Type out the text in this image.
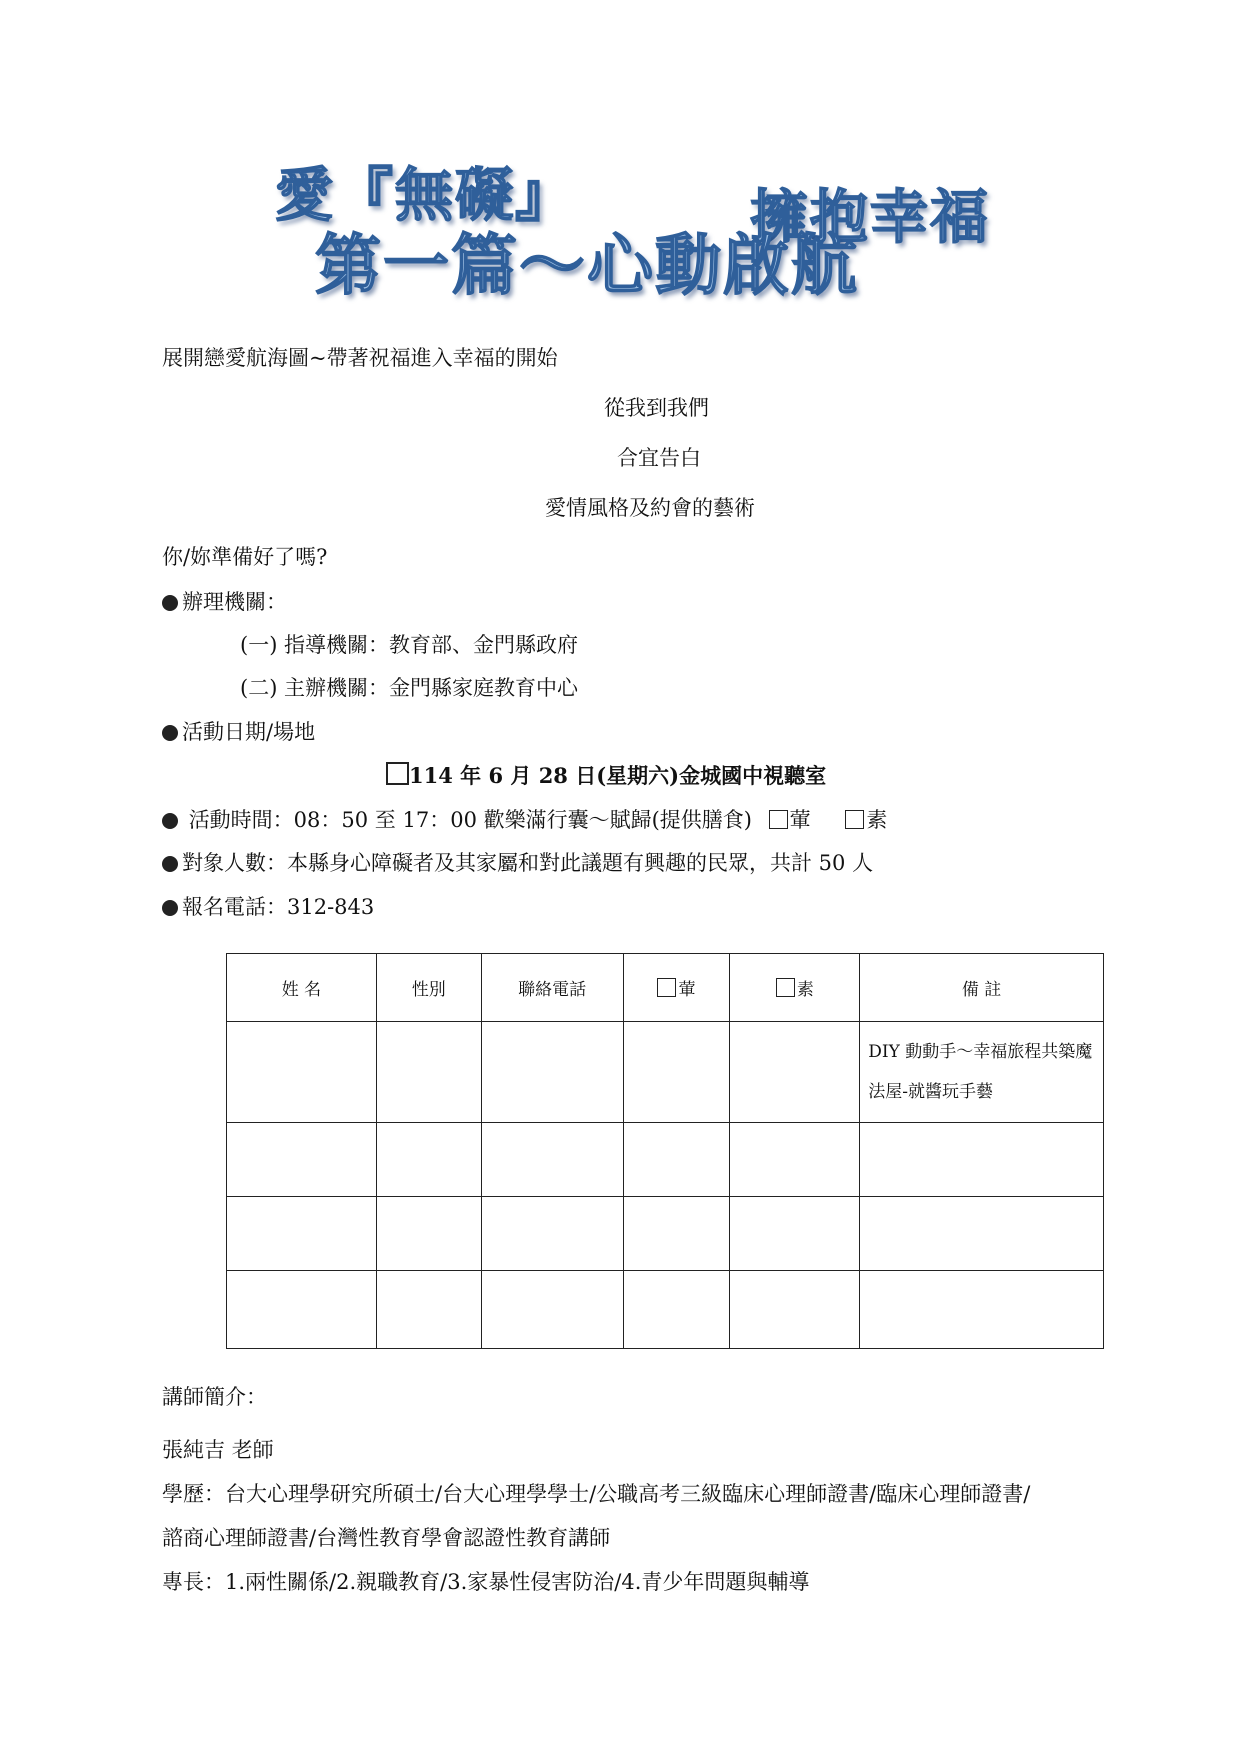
愛『無礙』	擁抱幸福
第一篇～心動啟航
展開戀愛航海圖~帶著祝福進入幸福的開始
從我到我們
合宜告白
愛情風格及約會的藝術
你/妳準備好了嗎?
辦理機關：
(一) 指導機關：教育部、金門縣政府
(二) 主辦機關：金門縣家庭教育中心
活動日期/場地
114 年 6 月 28 日(星期六)金城國中視聽室
活動時間：08：50 至 17：00 歡樂滿行囊～賦歸(提供膳食) 葷	素
對象人數：本縣身心障礙者及其家屬和對此議題有興趣的民眾，共計 50 人
報名電話：312-843
姓 名	性別	聯絡電話	葷	素	備 註
					DIY 動動手～幸福旅程共築魔法屋-就醬玩手藝

講師簡介：
張純吉 老師
學歷：台大心理學研究所碩士/台大心理學學士/公職高考三級臨床心理師證書/臨床心理師證書/
諮商心理師證書/台灣性教育學會認證性教育講師
專長：1.兩性關係/2.親職教育/3.家暴性侵害防治/4.青少年問題與輔導
